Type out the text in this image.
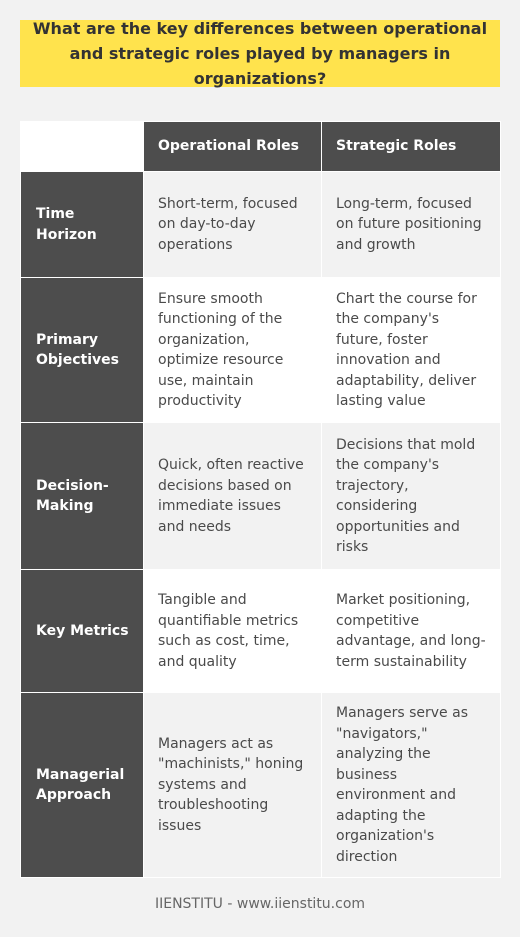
What are the key differences between operational and strategic roles played by managers in organizations?
	Operational Roles	Strategic Roles
Time Horizon	Short-term, focused on day-to-day operations	Long-term, focused on future positioning and growth
Primary Objectives	Ensure smooth functioning of the organization, optimize resource use, maintain productivity	Chart the course for the company's future, foster innovation and adaptability, deliver lasting value
Decision-Making	Quick, often reactive decisions based on immediate issues and needs	Decisions that mold the company's trajectory, considering opportunities and risks
Key Metrics	Tangible and quantifiable metrics such as cost, time, and quality	Market positioning, competitive advantage, and long-term sustainability
Managerial Approach	Managers act as "machinists," honing systems and troubleshooting issues	Managers serve as "navigators," analyzing the business environment and adapting the organization's direction
IIENSTITU - www.iienstitu.com
